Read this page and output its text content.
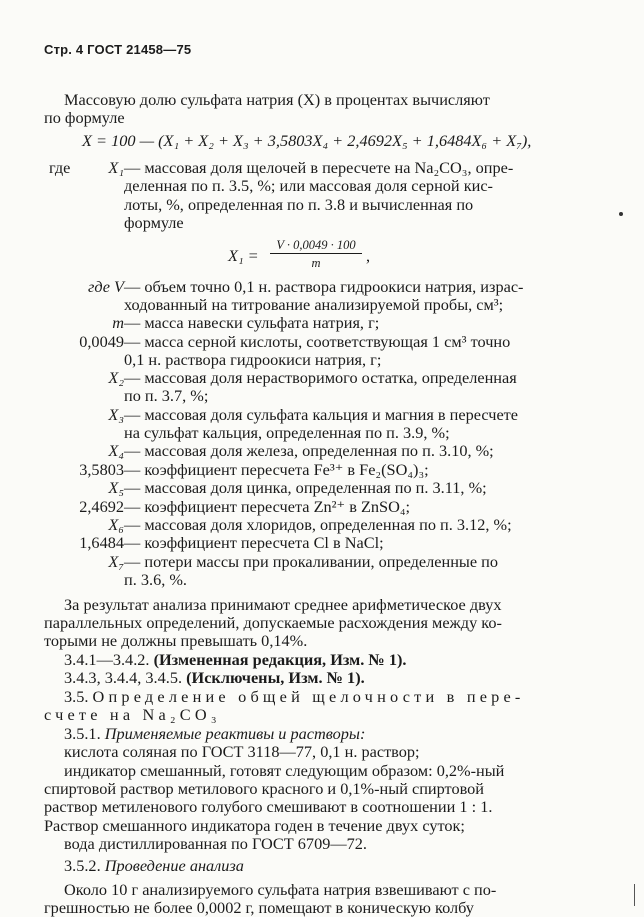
Стр. 4 ГОСТ 21458—75
Массовую долю сульфата натрия (X) в процентах вычисляют
по формуле
X = 100 — (X₁ + X₂ + X₃ + 3,5803X₄ + 2,4692X₅ + 1,6484X₆ + X₇),
где	X₁ — массовая доля щелочей в пересчете на Na₂CO₃, опре-
деленная по п. 3.5, %; или массовая доля серной кис-
лоты, %, определенная по п. 3.8 и вычисленная по
формуле
X₁ =
V · 0,0049 · 100
m	,
где V — объем точно 0,1 н. раствора гидроокиси натрия, израс-
ходованный на титрование анализируемой пробы, см³;
m — масса навески сульфата натрия, г;
0,0049 — масса серной кислоты, соответствующая 1 см³ точно
0,1 н. раствора гидроокиси натрия, г;
X₂ — массовая доля нерастворимого остатка, определенная
по п. 3.7, %;
X₃ — массовая доля сульфата кальция и магния в пересчете
на сульфат кальция, определенная по п. 3.9, %;
X₄ — массовая доля железа, определенная по п. 3.10, %;
3,5803 — коэффициент пересчета Fe³⁺ в Fe₂(SO₄)₃;
X₅ — массовая доля цинка, определенная по п. 3.11, %;
2,4692 — коэффициент пересчета Zn²⁺ в ZnSO₄;
X₆ — массовая доля хлоридов, определенная по п. 3.12, %;
1,6484 — коэффициент пересчета Cl в NaCl;
X₇ — потери массы при прокаливании, определенные по
п. 3.6, %.
За результат анализа принимают среднее арифметическое двух
параллельных определений, допускаемые расхождения между ко-
торыми не должны превышать 0,14%.
3.4.1—3.4.2. (Измененная редакция, Изм. № 1).
3.4.3, 3.4.4, 3.4.5. (Исключены, Изм. № 1).
3.5. Определение общей щелочности в пере-
счете на Na₂CO₃
3.5.1. Применяемые реактивы и растворы:
кислота соляная по ГОСТ 3118—77, 0,1 н. раствор;
индикатор смешанный, готовят следующим образом: 0,2%-ный
спиртовой раствор метилового красного и 0,1%-ный спиртовой
раствор метиленового голубого смешивают в соотношении 1 : 1.
Раствор смешанного индикатора годен в течение двух суток;
вода дистиллированная по ГОСТ 6709—72.
3.5.2. Проведение анализа
Около 10 г анализируемого сульфата натрия взвешивают с по-
грешностью не более 0,0002 г, помещают в коническую колбу
